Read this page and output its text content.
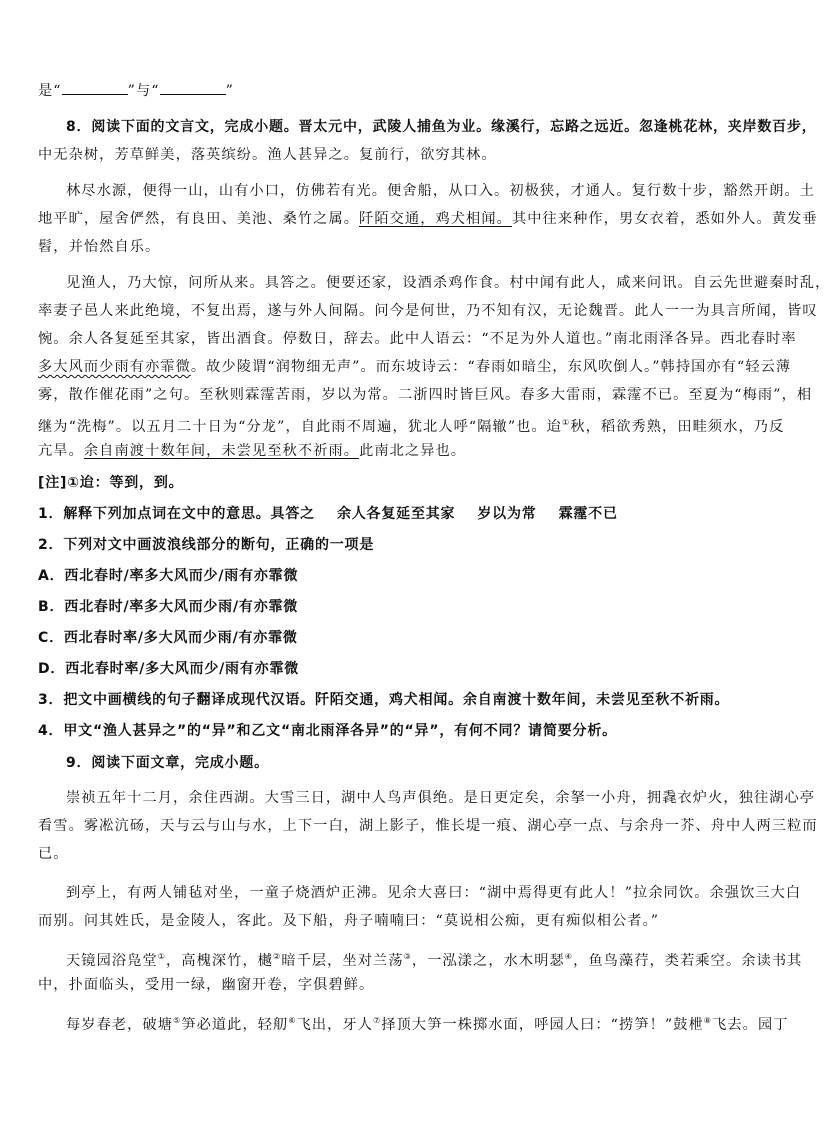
是“	”与“	”
8．阅读下面的文言文，完成小题。晋太元中，武陵人捕鱼为业。缘溪行，忘路之远近。忽逢桃花林，夹岸数百步，
中无杂树，芳草鲜美，落英缤纷。渔人甚异之。复前行，欲穷其林。
林尽水源，便得一山，山有小口，仿佛若有光。便舍船，从口入。初极狭，才通人。复行数十步，豁然开朗。土
地平旷，屋舍俨然，有良田、美池、桑竹之属。阡陌交通，鸡犬相闻。其中往来种作，男女衣着，悉如外人。黄发垂
髫，并怡然自乐。
见渔人，乃大惊，问所从来。具答之。便要还家，设酒杀鸡作食。村中闻有此人，咸来问讯。自云先世避秦时乱，
率妻子邑人来此绝境，不复出焉，遂与外人间隔。问今是何世，乃不知有汉，无论魏晋。此人一一为具言所闻，皆叹
惋。余人各复延至其家，皆出酒食。停数日，辞去。此中人语云：“不足为外人道也。”南北雨泽各异。西北春时率
多大风而少雨有亦霏微。故少陵谓“润物细无声”。而东坡诗云：“春雨如暗尘，东风吹倒人。”韩持国亦有“轻云薄
雾，散作催花雨”之句。至秋则霖霪苦雨，岁以为常。二浙四时皆巨风。春多大雷雨，霖霪不已。至夏为“梅雨”，相
继为“洗梅”。以五月二十日为“分龙”，自此雨不周遍，犹北人呼“隔辙”也。迨①秋，稻欲秀熟，田畦须水，乃反
亢旱。余自南渡十数年间，未尝见至秋不祈雨。此南北之异也。
[注]①迨：等到，到。
1．解释下列加点词在文中的意思。具答之 余人各复延至其家 岁以为常 霖霪不已
2．下列对文中画波浪线部分的断句，正确的一项是
A．西北春时/率多大风而少/雨有亦霏微
B．西北春时/率多大风而少雨/有亦霏微
C．西北春时率/多大风而少雨/有亦霏微
D．西北春时率/多大风而少/雨有亦霏微
3．把文中画横线的句子翻译成现代汉语。阡陌交通，鸡犬相闻。余自南渡十数年间，未尝见至秋不祈雨。
4．甲文“渔人甚异之”的“异”和乙文“南北雨泽各异”的“异”，有何不同？请简要分析。
9．阅读下面文章，完成小题。
崇祯五年十二月，余住西湖。大雪三日，湖中人鸟声俱绝。是日更定矣，余拏一小舟，拥毳衣炉火，独往湖心亭
看雪。雾凇沆砀，天与云与山与水，上下一白，湖上影子，惟长堤一痕、湖心亭一点、与余舟一芥、舟中人两三粒而
已。
到亭上，有两人铺毡对坐，一童子烧酒炉正沸。见余大喜曰：“湖中焉得更有此人！”拉余同饮。余强饮三大白
而别。问其姓氏，是金陵人，客此。及下船，舟子喃喃曰：“莫说相公痴，更有痴似相公者。”
天镜园浴凫堂①，高槐深竹，樾②暗千层，坐对兰荡③，一泓漾之，水木明瑟④，鱼鸟藻荇，类若乘空。余读书其
中，扑面临头，受用一绿，幽窗开卷，字俱碧鲜。
每岁春老，破塘⑤笋必道此，轻舠⑥飞出，牙人⑦择顶大笋一株掷水面，呼园人曰：“捞笋！”鼓枻⑧飞去。园丁
